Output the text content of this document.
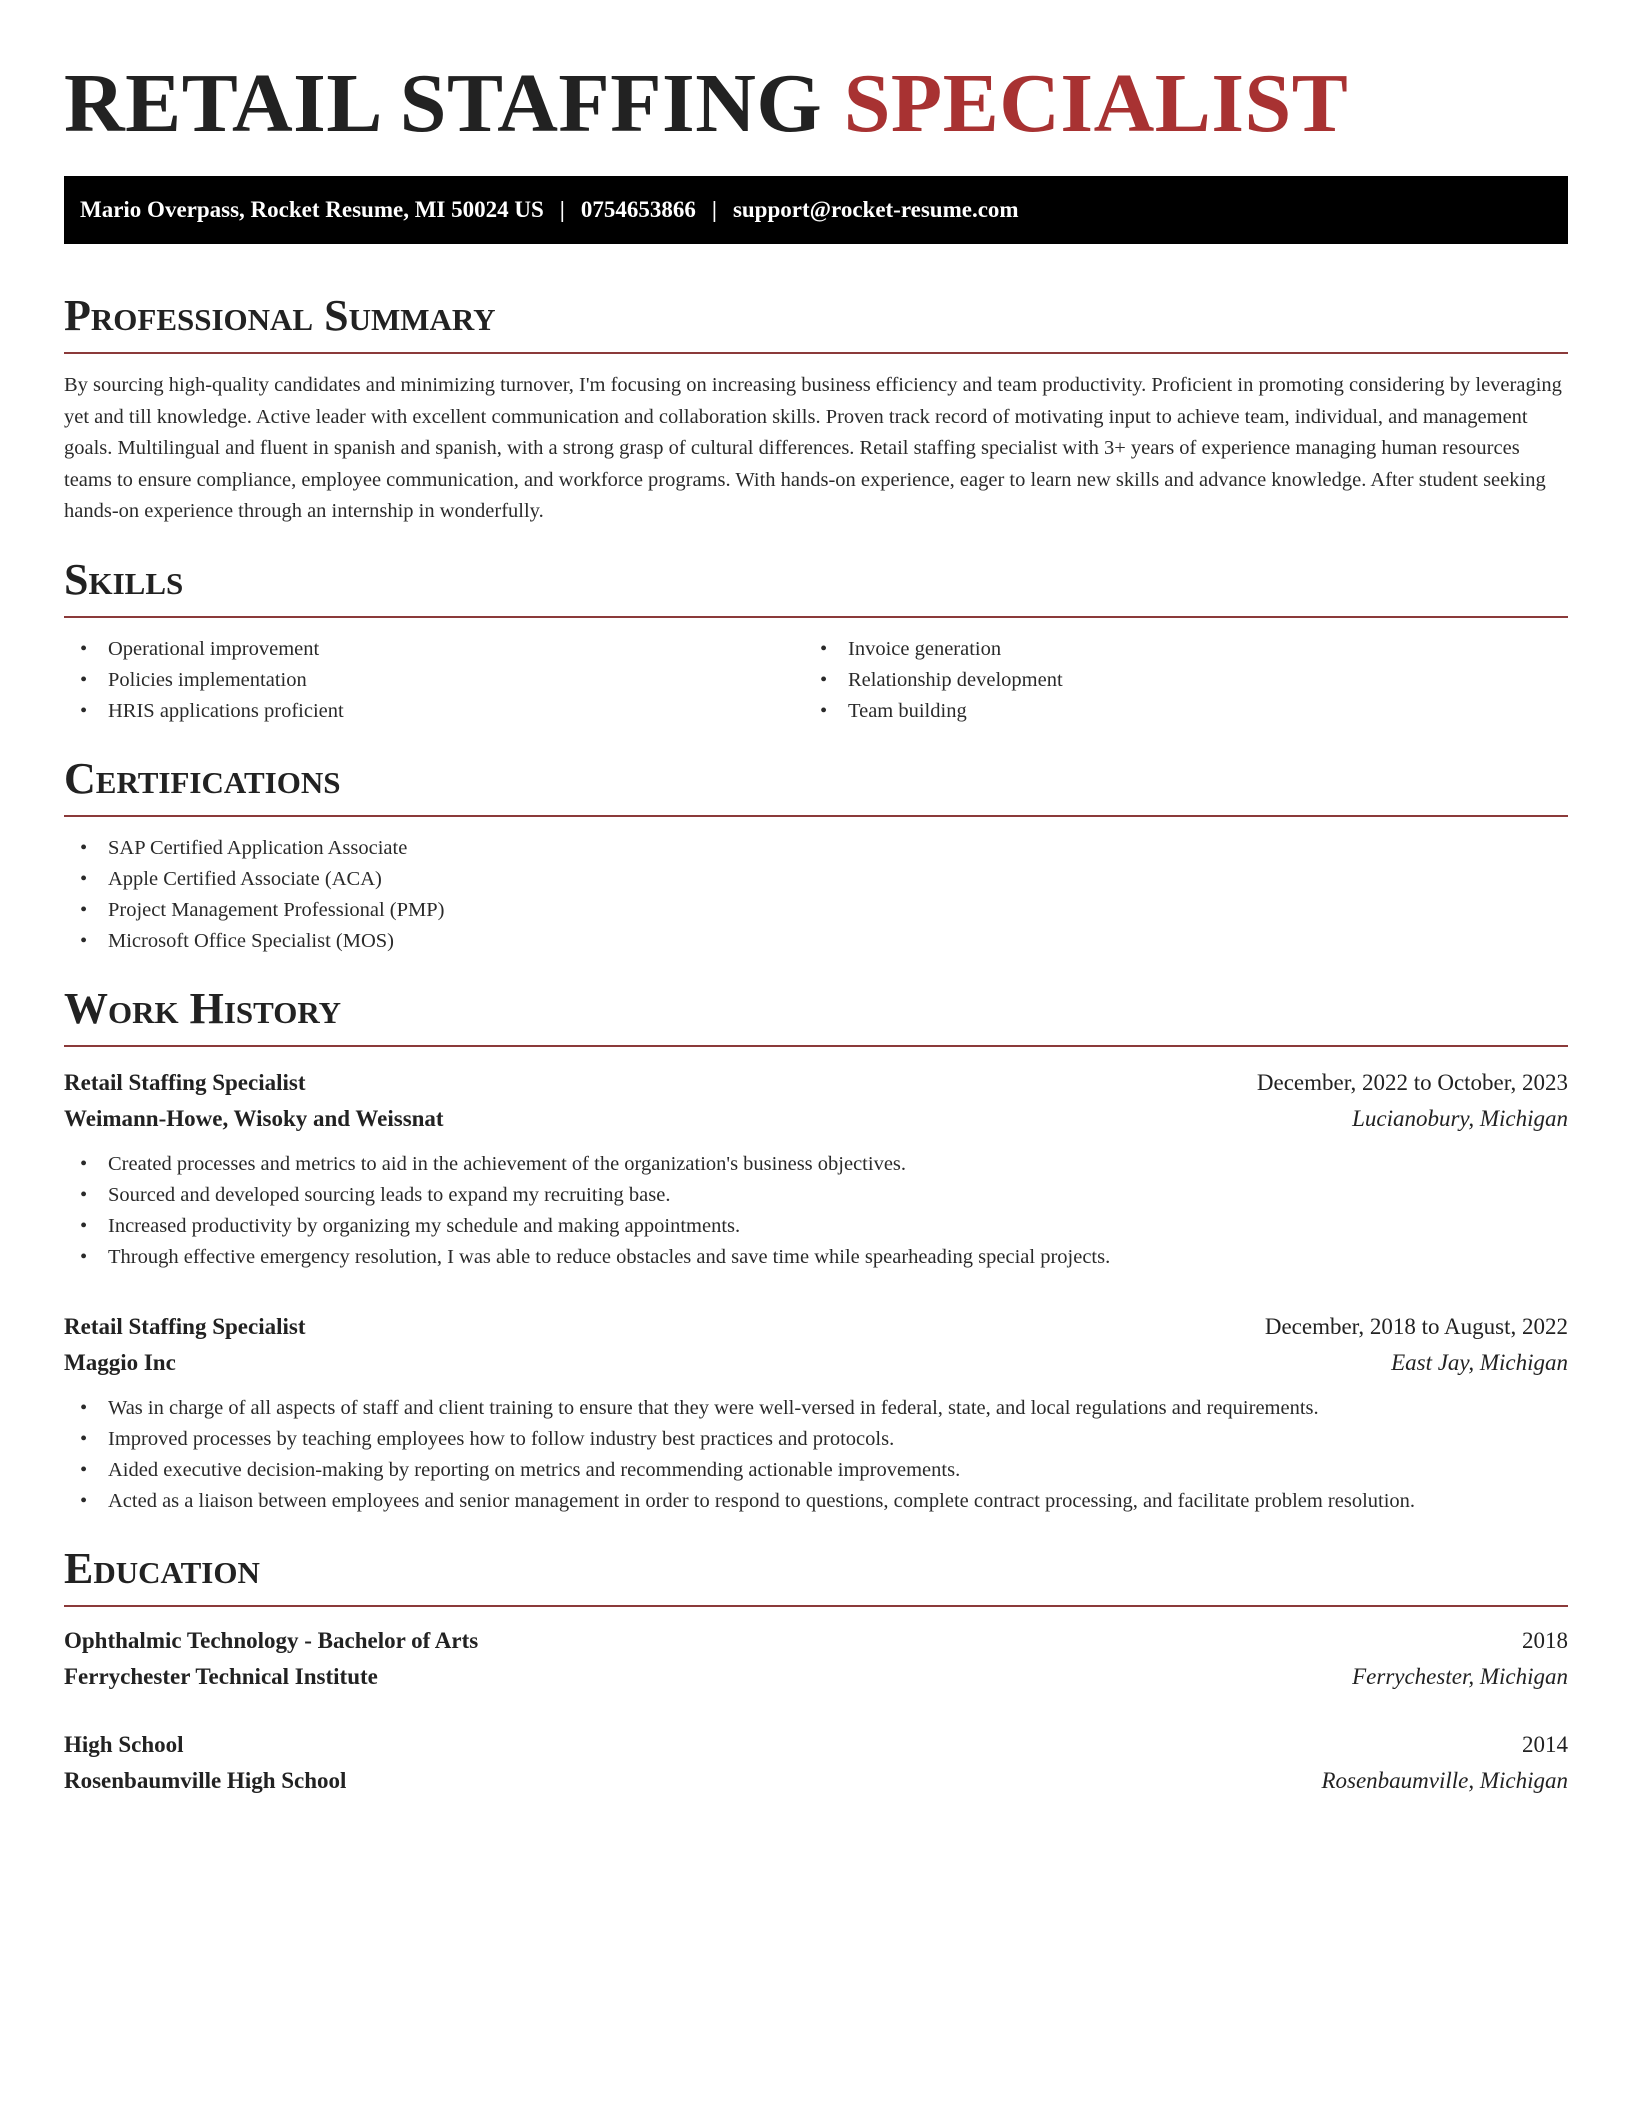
RETAIL STAFFING SPECIALIST
Mario Overpass, Rocket Resume, MI 50024 US | 0754653866 | support@rocket-resume.com
Professional Summary

By sourcing high-quality candidates and minimizing turnover, I'm focusing on increasing business efficiency and team productivity. Proficient in promoting considering by leveraging yet and till knowledge. Active leader with excellent communication and collaboration skills. Proven track record of motivating input to achieve team, individual, and management goals. Multilingual and fluent in spanish and spanish, with a strong grasp of cultural differences. Retail staffing specialist with 3+ years of experience managing human resources teams to ensure compliance, employee communication, and workforce programs. With hands-on experience, eager to learn new skills and advance knowledge. After student seeking hands-on experience through an internship in wonderfully.

Skills
• Operational improvement
• Policies implementation
• HRIS applications proficient
• Invoice generation
• Relationship development
• Team building
Certifications
• SAP Certified Application Associate
• Apple Certified Associate (ACA)
• Project Management Professional (PMP)
• Microsoft Office Specialist (MOS)
Work History
Retail Staffing Specialist	December, 2022 to October, 2023
Weimann-Howe, Wisoky and Weissnat	Lucianobury, Michigan
• Created processes and metrics to aid in the achievement of the organization's business objectives.
• Sourced and developed sourcing leads to expand my recruiting base.
• Increased productivity by organizing my schedule and making appointments.
• Through effective emergency resolution, I was able to reduce obstacles and save time while spearheading special projects.
Retail Staffing Specialist	December, 2018 to August, 2022
Maggio Inc	East Jay, Michigan
• Was in charge of all aspects of staff and client training to ensure that they were well-versed in federal, state, and local regulations and requirements.
• Improved processes by teaching employees how to follow industry best practices and protocols.
• Aided executive decision-making by reporting on metrics and recommending actionable improvements.
• Acted as a liaison between employees and senior management in order to respond to questions, complete contract processing, and facilitate problem resolution.
Education
Ophthalmic Technology - Bachelor of Arts	2018
Ferrychester Technical Institute	Ferrychester, Michigan
High School	2014
Rosenbaumville High School	Rosenbaumville, Michigan
